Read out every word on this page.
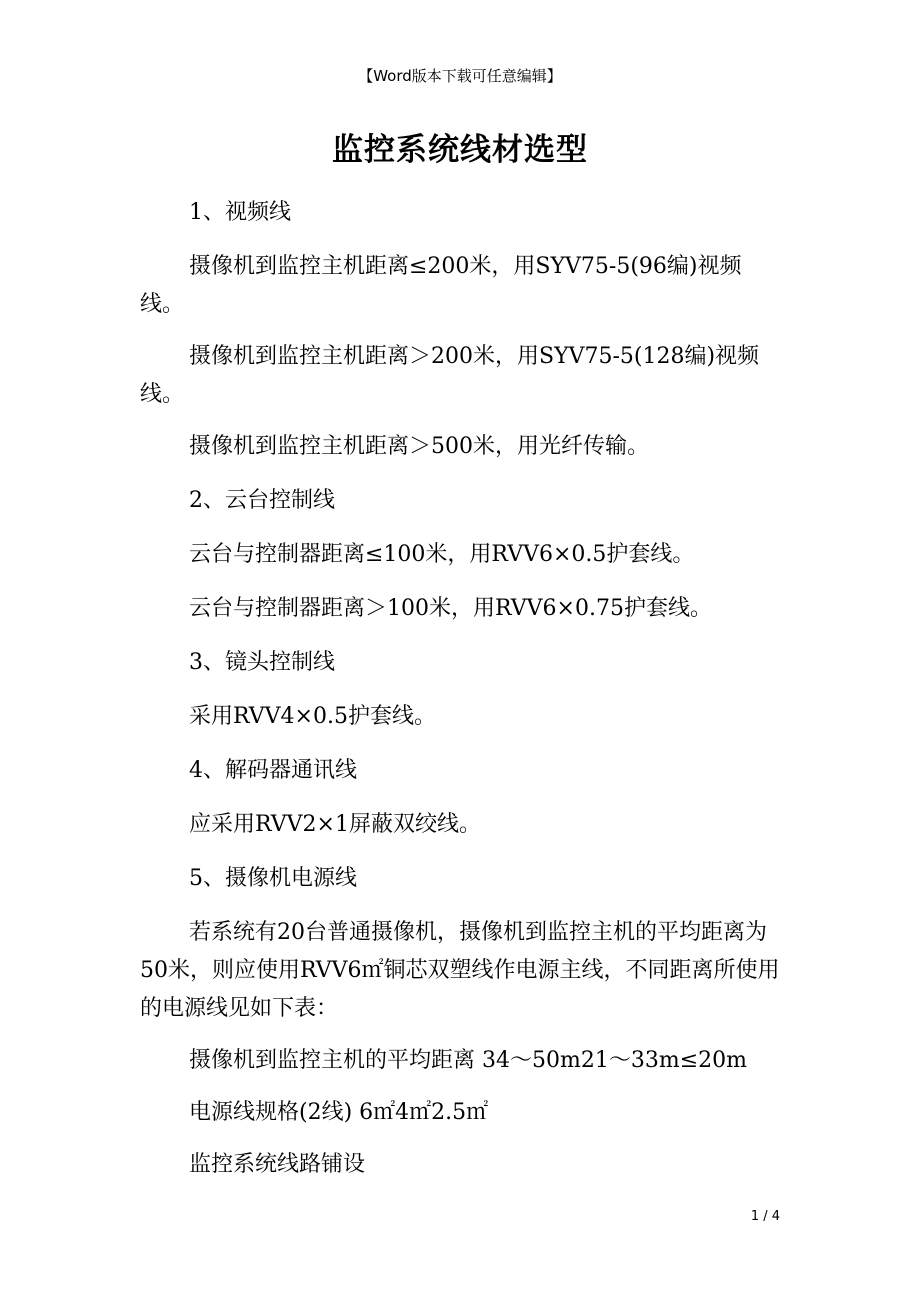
【Word版本下载可任意编辑】
监控系统线材选型

1、视频线

摄像机到监控主机距离≤200米，用SYV75-5(96编)视频线。

摄像机到监控主机距离＞200米，用SYV75-5(128编)视频线。

摄像机到监控主机距离＞500米，用光纤传输。

2、云台控制线

云台与控制器距离≤100米，用RVV6×0.5护套线。

云台与控制器距离＞100米，用RVV6×0.75护套线。

3、镜头控制线

采用RVV4×0.5护套线。

4、解码器通讯线

应采用RVV2×1屏蔽双绞线。

5、摄像机电源线

若系统有20台普通摄像机，摄像机到监控主机的平均距离为50米，则应使用RVV6㎡铜芯双塑线作电源主线，不同距离所使用的电源线见如下表：

摄像机到监控主机的平均距离 34～50m21～33m≤20m

电源线规格(2线) 6㎡4㎡2.5㎡

监控系统线路铺设

1 / 4
